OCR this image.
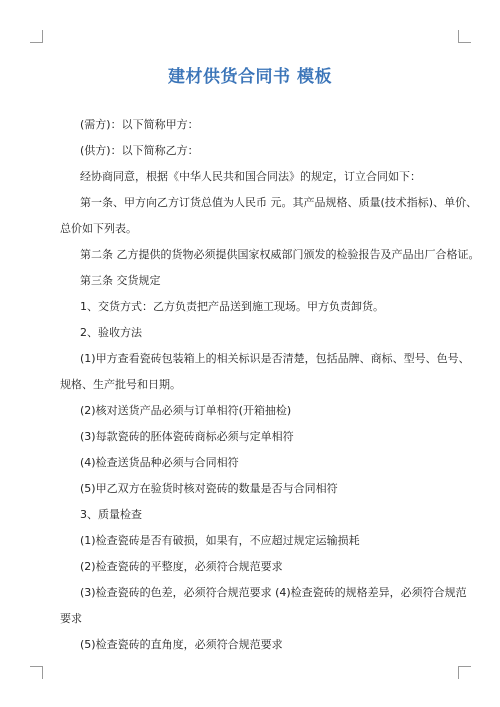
建材供货合同书 模板
(需方)：以下简称甲方：
(供方)：以下简称乙方：
经协商同意，根据《中华人民共和国合同法》的规定，订立合同如下：
第一条、甲方向乙方订货总值为人民币 元。其产品规格、质量(技术指标)、单价、
总价如下列表。
第二条 乙方提供的货物必须提供国家权威部门颁发的检验报告及产品出厂合格证。
第三条 交货规定
1、交货方式：乙方负责把产品送到施工现场。甲方负责卸货。
2、验收方法
(1)甲方查看瓷砖包装箱上的相关标识是否清楚，包括品牌、商标、型号、色号、
规格、生产批号和日期。
(2)核对送货产品必须与订单相符(开箱抽检)
(3)每款瓷砖的胚体瓷砖商标必须与定单相符
(4)检查送货品种必须与合同相符
(5)甲乙双方在验货时核对瓷砖的数量是否与合同相符
3、质量检查
(1)检查瓷砖是否有破损，如果有，不应超过规定运输损耗
(2)检查瓷砖的平整度，必须符合规范要求
(3)检查瓷砖的色差，必须符合规范要求 (4)检查瓷砖的规格差异，必须符合规范
要求
(5)检查瓷砖的直角度，必须符合规范要求
